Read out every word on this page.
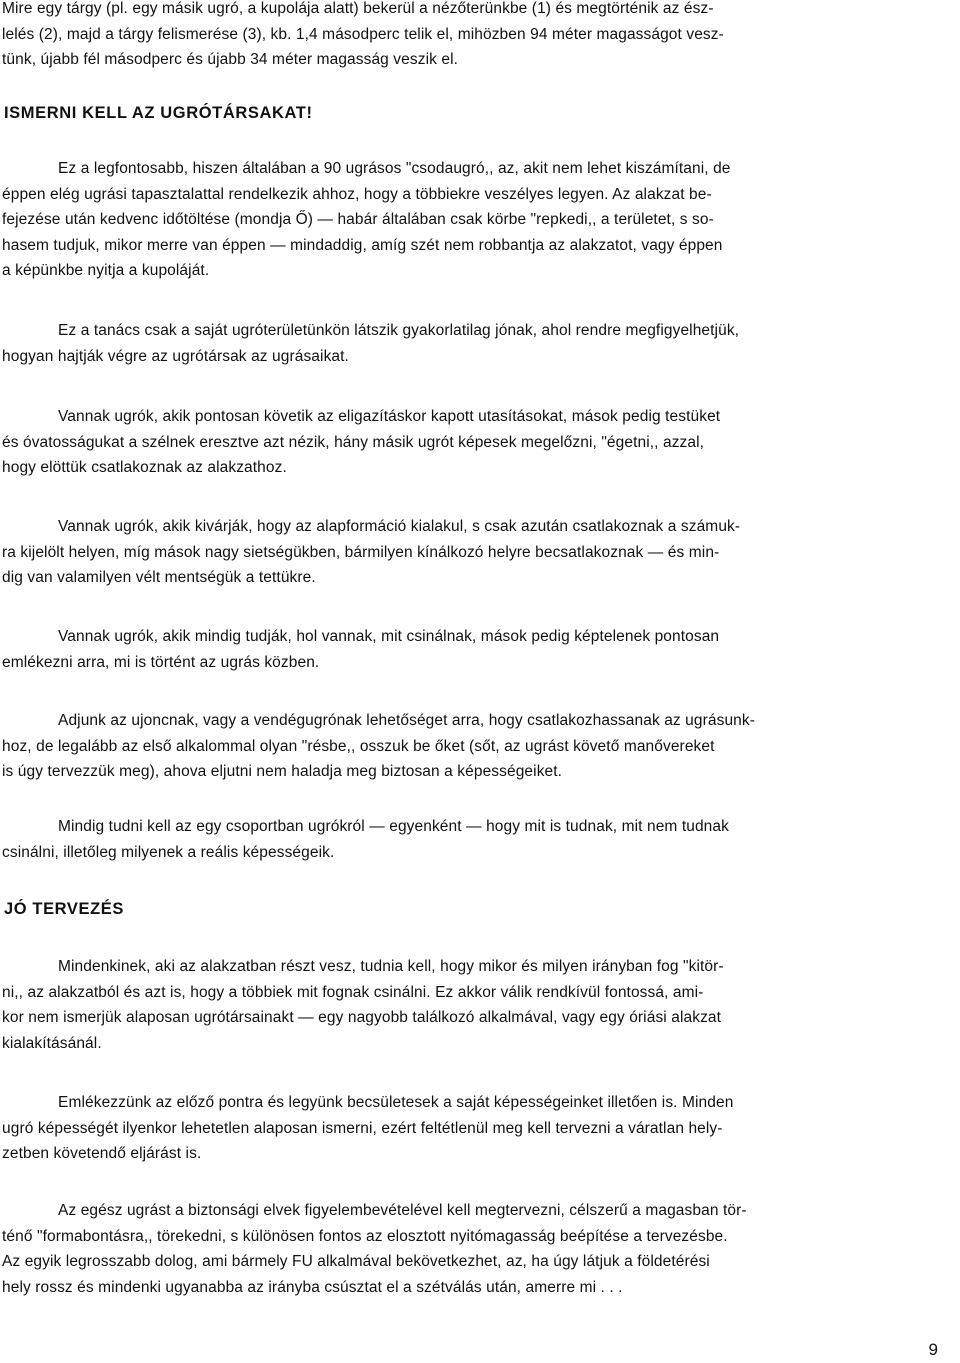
Mire egy tárgy (pl. egy másik ugró, a kupolája alatt) bekerül a nézőterünkbe (1) és megtörténik az ész-
lelés (2), majd a tárgy felismerése (3), kb. 1,4 másodperc telik el, mihözben 94 méter magasságot vesz-
tünk, újabb fél másodperc és újabb 34 méter magasság veszik el.
ISMERNI KELL AZ UGRÓTÁRSAKAT!
Ez a legfontosabb, hiszen általában a 90 ugrásos "csodaugró,, az, akit nem lehet kiszámítani, de
éppen elég ugrási tapasztalattal rendelkezik ahhoz, hogy a többiekre veszélyes legyen. Az alakzat be-
fejezése után kedvenc időtöltése (mondja Ő) — habár általában csak körbe "repkedi,, a területet, s so-
hasem tudjuk, mikor merre van éppen — mindaddig, amíg szét nem robbantja az alakzatot, vagy éppen
a képünkbe nyitja a kupoláját.
Ez a tanács csak a saját ugróterületünkön látszik gyakorlatilag jónak, ahol rendre megfigyelhetjük,
hogyan hajtják végre az ugrótársak az ugrásaikat.
Vannak ugrók, akik pontosan követik az eligazításkor kapott utasításokat, mások pedig testüket
és óvatosságukat a szélnek eresztve azt nézik, hány másik ugrót képesek megelőzni, "égetni,, azzal,
hogy elöttük csatlakoznak az alakzathoz.
Vannak ugrók, akik kivárják, hogy az alapformáció kialakul, s csak azután csatlakoznak a számuk-
ra kijelölt helyen, míg mások nagy sietségükben, bármilyen kínálkozó helyre becsatlakoznak — és min-
dig van valamilyen vélt mentségük a tettükre.
Vannak ugrók, akik mindig tudják, hol vannak, mit csinálnak, mások pedig képtelenek pontosan
emlékezni arra, mi is történt az ugrás közben.
Adjunk az ujoncnak, vagy a vendégugrónak lehetőséget arra, hogy csatlakozhassanak az ugrásunk-
hoz, de legalább az első alkalommal olyan "résbe,, osszuk be őket (sőt, az ugrást követő manővereket
is úgy tervezzük meg), ahova eljutni nem haladja meg biztosan a képességeiket.
Mindig tudni kell az egy csoportban ugrókról — egyenként — hogy mit is tudnak, mit nem tudnak
csinálni, illetőleg milyenek a reális képességeik.
JÓ TERVEZÉS
Mindenkinek, aki az alakzatban részt vesz, tudnia kell, hogy mikor és milyen irányban fog "kitör-
ni,, az alakzatból és azt is, hogy a többiek mit fognak csinálni. Ez akkor válik rendkívül fontossá, ami-
kor nem ismerjük alaposan ugrótársainakt — egy nagyobb találkozó alkalmával, vagy egy óriási alakzat
kialakításánál.
Emlékezzünk az előző pontra és legyünk becsületesek a saját képességeinket illetően is. Minden
ugró képességét ilyenkor lehetetlen alaposan ismerni, ezért feltétlenül meg kell tervezni a váratlan hely-
zetben követendő eljárást is.
Az egész ugrást a biztonsági elvek figyelembevételével kell megtervezni, célszerű a magasban tör-
ténő "formabontásra,, törekedni, s különösen fontos az elosztott nyitómagasság beépítése a tervezésbe.
Az egyik legrosszabb dolog, ami bármely FU alkalmával bekövetkezhet, az, ha úgy látjuk a földetérési
hely rossz és mindenki ugyanabba az irányba csúsztat el a szétválás után, amerre mi . . .
9
